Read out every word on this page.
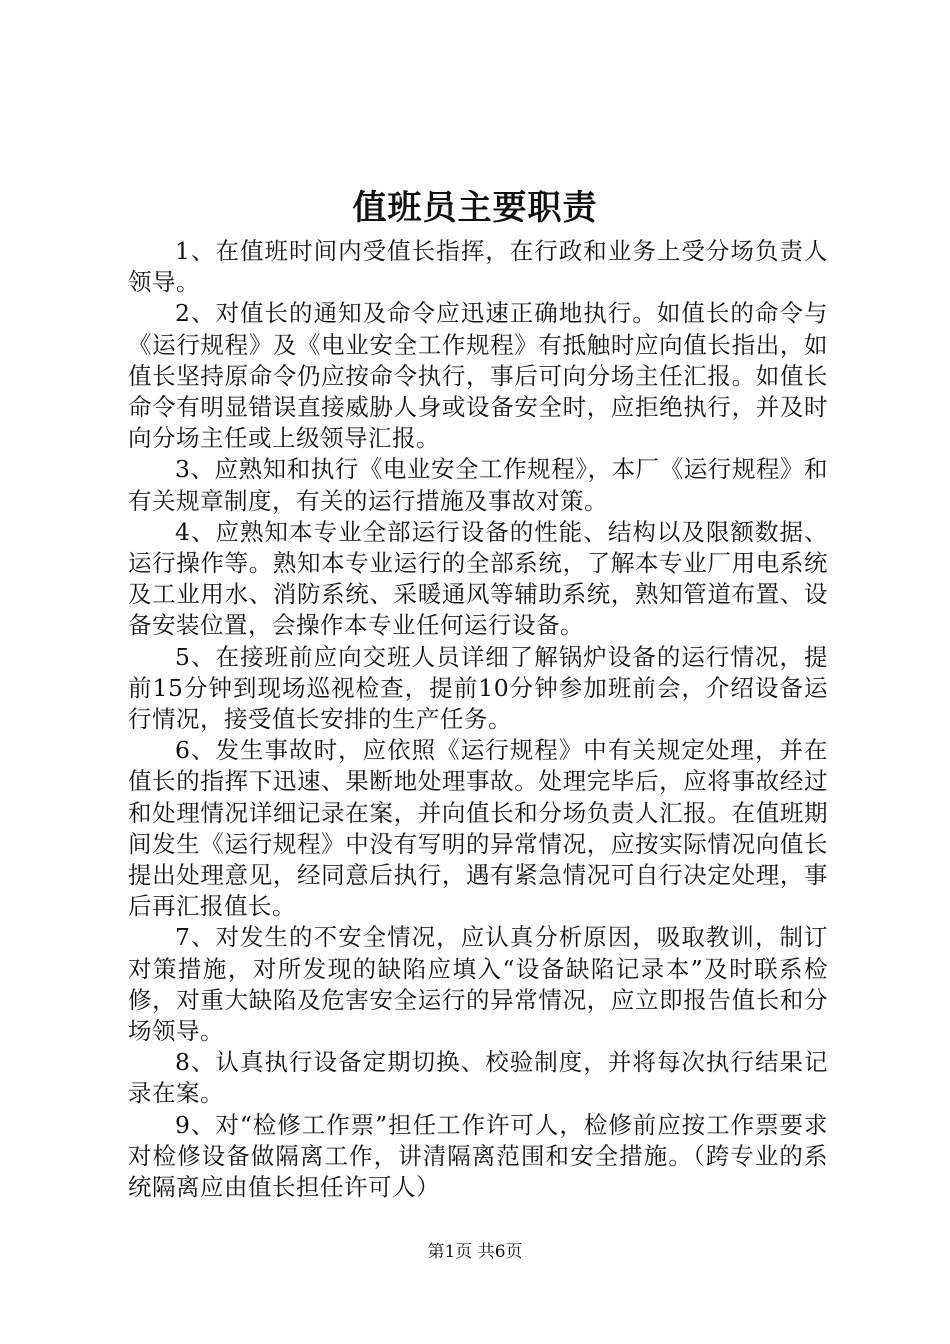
值班员主要职责

1、在值班时间内受值长指挥，在行政和业务上受分场负责人领导。

2、对值长的通知及命令应迅速正确地执行。如值长的命令与《运行规程》及《电业安全工作规程》有抵触时应向值长指出，如值长坚持原命令仍应按命令执行，事后可向分场主任汇报。如值长命令有明显错误直接威胁人身或设备安全时，应拒绝执行，并及时向分场主任或上级领导汇报。

3、应熟知和执行《电业安全工作规程》，本厂《运行规程》和有关规章制度，有关的运行措施及事故对策。

4、应熟知本专业全部运行设备的性能、结构以及限额数据、运行操作等。熟知本专业运行的全部系统，了解本专业厂用电系统及工业用水、消防系统、采暖通风等辅助系统，熟知管道布置、设备安装位置，会操作本专业任何运行设备。

5、在接班前应向交班人员详细了解锅炉设备的运行情况，提前15分钟到现场巡视检查，提前10分钟参加班前会，介绍设备运行情况，接受值长安排的生产任务。

6、发生事故时，应依照《运行规程》中有关规定处理，并在值长的指挥下迅速、果断地处理事故。处理完毕后，应将事故经过和处理情况详细记录在案，并向值长和分场负责人汇报。在值班期间发生《运行规程》中没有写明的异常情况，应按实际情况向值长提出处理意见，经同意后执行，遇有紧急情况可自行决定处理，事后再汇报值长。

7、对发生的不安全情况，应认真分析原因，吸取教训，制订对策措施，对所发现的缺陷应填入“设备缺陷记录本”及时联系检修，对重大缺陷及危害安全运行的异常情况，应立即报告值长和分场领导。

8、认真执行设备定期切换、校验制度，并将每次执行结果记录在案。

9、对“检修工作票”担任工作许可人，检修前应按工作票要求对检修设备做隔离工作，讲清隔离范围和安全措施。（跨专业的系统隔离应由值长担任许可人）

第1页 共6页
